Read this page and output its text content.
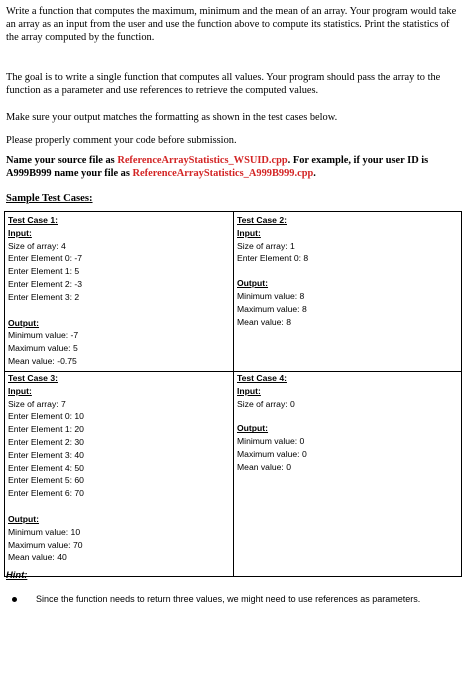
Write a function that computes the maximum, minimum and the mean of an array. Your program would take an array as an input from the user and use the function above to compute its statistics. Print the statistics of the array computed by the function.

The goal is to write a single function that computes all values. Your program should pass the array to the function as a parameter and use references to retrieve the computed values.

Make sure your output matches the formatting as shown in the test cases below.

Please properly comment your code before submission.

Name your source file as ReferenceArrayStatistics_WSUID.cpp. For example, if your user ID is A999B999 name your file as ReferenceArrayStatistics_A999B999.cpp.

Sample Test Cases:

Test Case 1:
Input:
Size of array: 4
Enter Element 0: -7
Enter Element 1: 5
Enter Element 2: -3
Enter Element 3: 2
Output:
Minimum value: -7
Maximum value: 5
Mean value: -0.75
Test Case 2:
Input:
Size of array: 1
Enter Element 0: 8
Output:
Minimum value: 8
Maximum value: 8
Mean value: 8
Test Case 3:
Input:
Size of array: 7
Enter Element 0: 10
Enter Element 1: 20
Enter Element 2: 30
Enter Element 3: 40
Enter Element 4: 50
Enter Element 5: 60
Enter Element 6: 70
Output:
Minimum value: 10
Maximum value: 70
Mean value: 40
Test Case 4:
Input:
Size of array: 0
Output:
Minimum value: 0
Maximum value: 0
Mean value: 0
Hint:
Since the function needs to return three values, we might need to use references as parameters.
